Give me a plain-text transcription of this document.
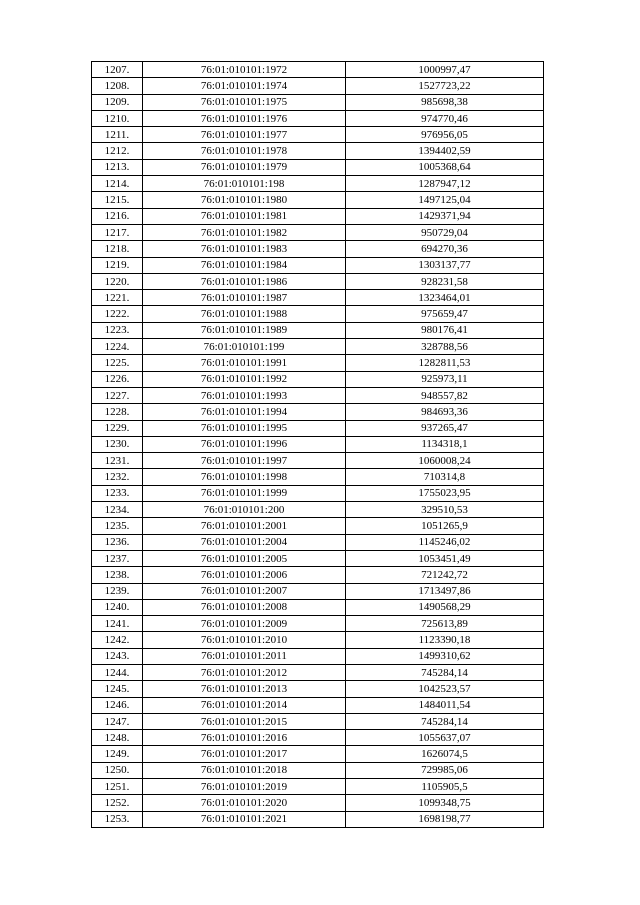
1207.	76:01:010101:1972	1000997,47
1208.	76:01:010101:1974	1527723,22
1209.	76:01:010101:1975	985698,38
1210.	76:01:010101:1976	974770,46
1211.	76:01:010101:1977	976956,05
1212.	76:01:010101:1978	1394402,59
1213.	76:01:010101:1979	1005368,64
1214.	76:01:010101:198	1287947,12
1215.	76:01:010101:1980	1497125,04
1216.	76:01:010101:1981	1429371,94
1217.	76:01:010101:1982	950729,04
1218.	76:01:010101:1983	694270,36
1219.	76:01:010101:1984	1303137,77
1220.	76:01:010101:1986	928231,58
1221.	76:01:010101:1987	1323464,01
1222.	76:01:010101:1988	975659,47
1223.	76:01:010101:1989	980176,41
1224.	76:01:010101:199	328788,56
1225.	76:01:010101:1991	1282811,53
1226.	76:01:010101:1992	925973,11
1227.	76:01:010101:1993	948557,82
1228.	76:01:010101:1994	984693,36
1229.	76:01:010101:1995	937265,47
1230.	76:01:010101:1996	1134318,1
1231.	76:01:010101:1997	1060008,24
1232.	76:01:010101:1998	710314,8
1233.	76:01:010101:1999	1755023,95
1234.	76:01:010101:200	329510,53
1235.	76:01:010101:2001	1051265,9
1236.	76:01:010101:2004	1145246,02
1237.	76:01:010101:2005	1053451,49
1238.	76:01:010101:2006	721242,72
1239.	76:01:010101:2007	1713497,86
1240.	76:01:010101:2008	1490568,29
1241.	76:01:010101:2009	725613,89
1242.	76:01:010101:2010	1123390,18
1243.	76:01:010101:2011	1499310,62
1244.	76:01:010101:2012	745284,14
1245.	76:01:010101:2013	1042523,57
1246.	76:01:010101:2014	1484011,54
1247.	76:01:010101:2015	745284,14
1248.	76:01:010101:2016	1055637,07
1249.	76:01:010101:2017	1626074,5
1250.	76:01:010101:2018	729985,06
1251.	76:01:010101:2019	1105905,5
1252.	76:01:010101:2020	1099348,75
1253.	76:01:010101:2021	1698198,77
